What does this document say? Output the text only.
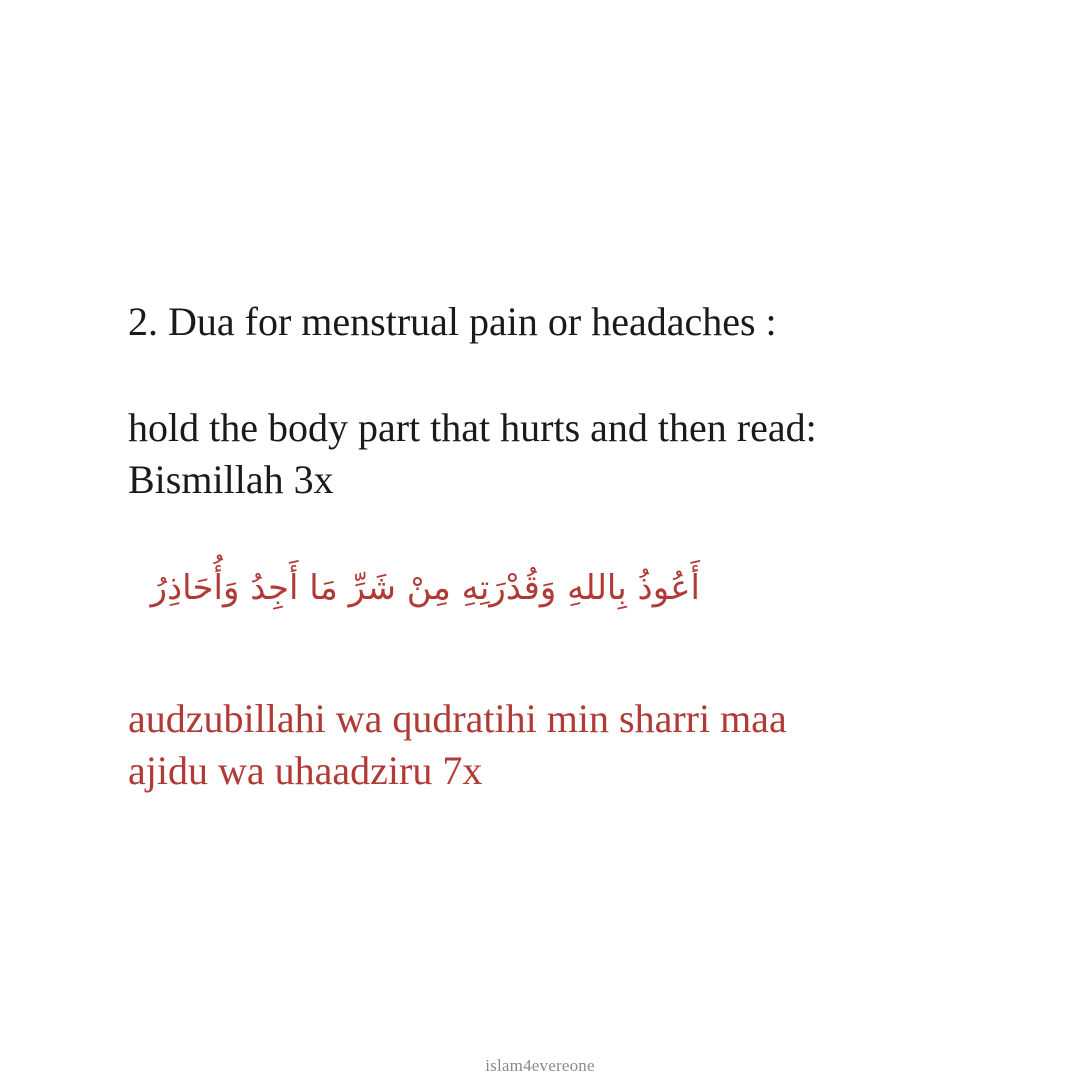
2. Dua for menstrual pain or headaches :
hold the body part that hurts and then read:
Bismillah 3x
أَعُوذُ بِاللهِ وَقُدْرَتِهِ مِنْ شَرِّ مَا أَجِدُ وَأُحَاذِرُ
audzubillahi wa qudratihi min sharri maa
ajidu wa uhaadziru 7x
islam4evereone
